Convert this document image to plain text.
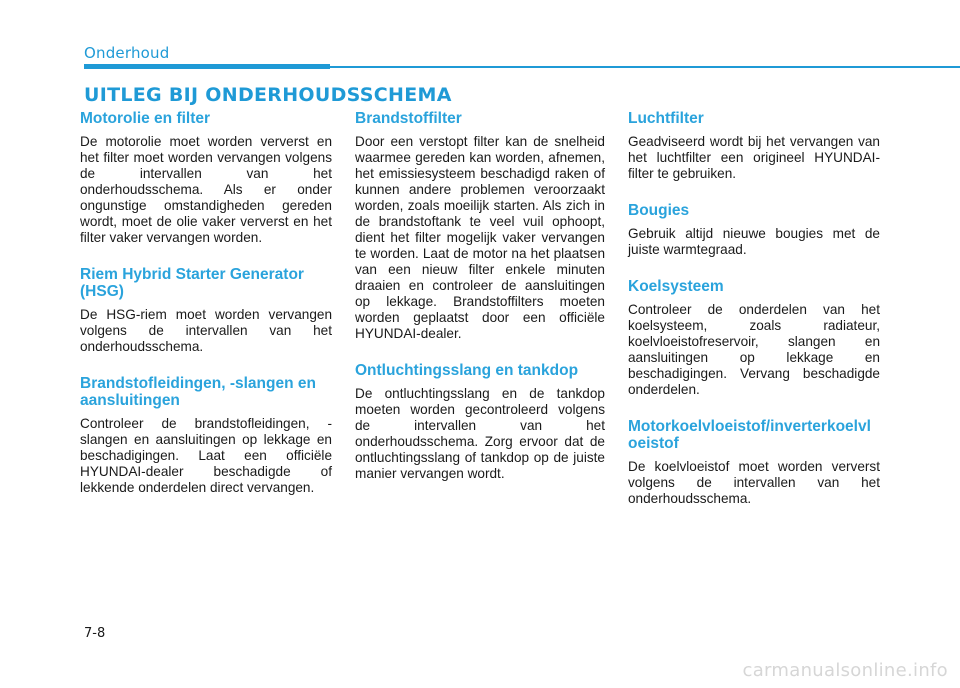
Onderhoud
UITLEG BIJ ONDERHOUDSSCHEMA
Motorolie en filter

De motorolie moet worden ververst en het filter moet worden vervangen volgens de intervallen van het onderhoudsschema. Als er onder ongunstige omstandigheden gereden wordt, moet de olie vaker ververst en het filter vaker vervangen worden.

Riem Hybrid Starter Generator (HSG)

De HSG-riem moet worden vervangen volgens de intervallen van het onderhoudsschema.

Brandstofleidingen, -slangen en aansluitingen

Controleer de brandstofleidingen, -slangen en aansluitingen op lekkage en beschadigingen. Laat een officiële HYUNDAI-dealer beschadigde of lekkende onderdelen direct vervangen.

Brandstoffilter

Door een verstopt filter kan de snelheid waarmee gereden kan worden, afnemen, het emissiesysteem beschadigd raken of kunnen andere problemen veroorzaakt worden, zoals moeilijk starten. Als zich in de brandstoftank te veel vuil ophoopt, dient het filter mogelijk vaker vervangen te worden. Laat de motor na het plaatsen van een nieuw filter enkele minuten draaien en controleer de aansluitingen op lekkage. Brandstoffilters moeten worden geplaatst door een officiële HYUNDAI-dealer.

Ontluchtingsslang en tankdop

De ontluchtingsslang en de tankdop moeten worden gecontroleerd volgens de intervallen van het onderhoudsschema. Zorg ervoor dat de ontluchtingsslang of tankdop op de juiste manier vervangen wordt.

Luchtfilter

Geadviseerd wordt bij het vervangen van het luchtfilter een origineel HYUNDAI-filter te gebruiken.

Bougies

Gebruik altijd nieuwe bougies met de juiste warmtegraad.

Koelsysteem

Controleer de onderdelen van het koelsysteem, zoals radiateur, koelvloeistofreservoir, slangen en aansluitingen op lekkage en beschadigingen. Vervang beschadigde onderdelen.

Motorkoelvloeistof/inverterkoelvloeistof

De koelvloeistof moet worden ververst volgens de intervallen van het onderhoudsschema.

7-8
carmanualsonline.info
